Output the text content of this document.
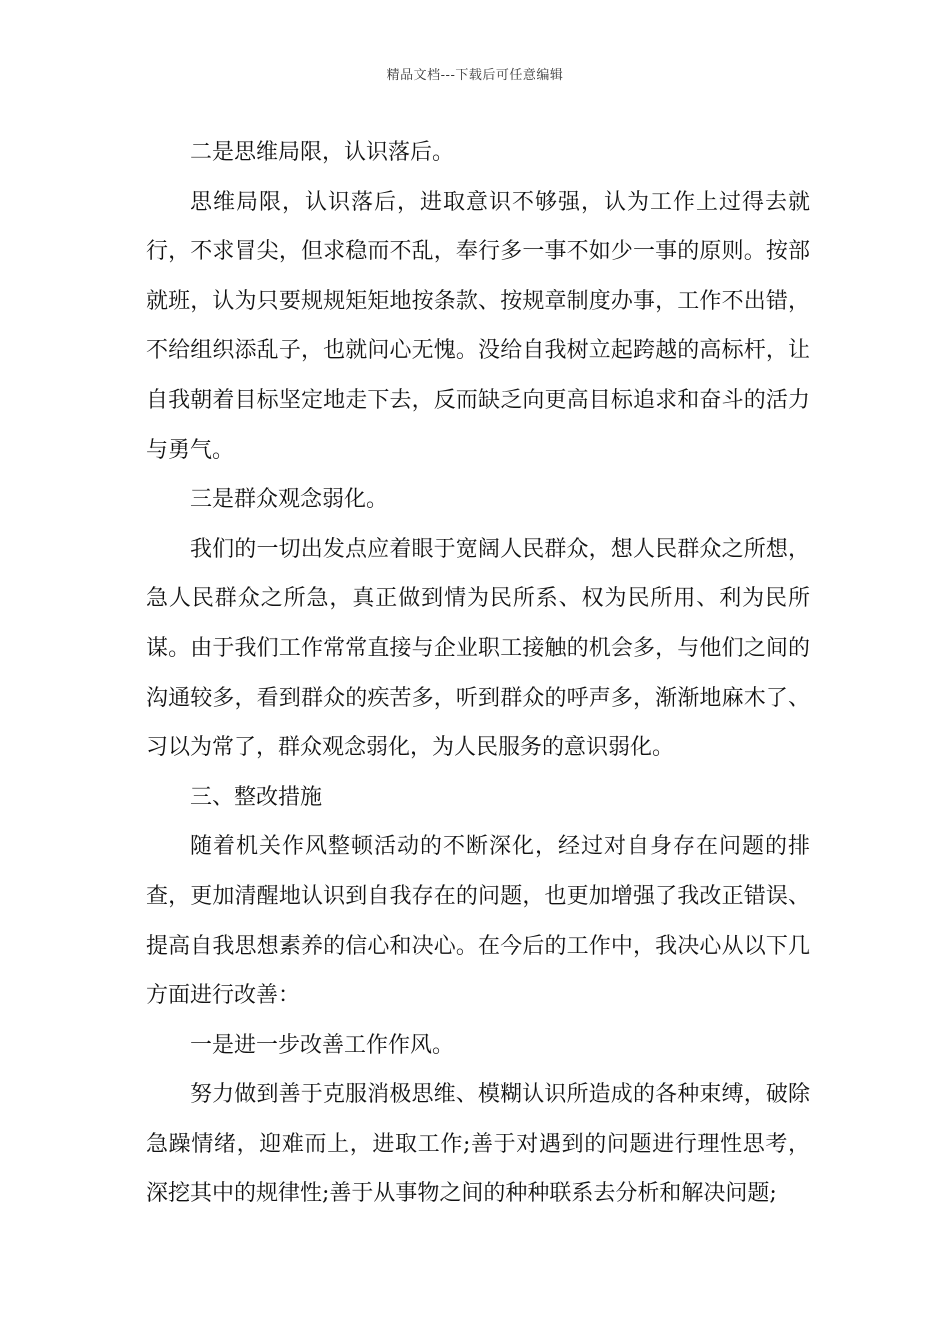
精品文档---下载后可任意编辑

二是思维局限，认识落后。

思维局限，认识落后，进取意识不够强，认为工作上过得去就行，不求冒尖，但求稳而不乱，奉行多一事不如少一事的原则。按部就班，认为只要规规矩矩地按条款、按规章制度办事，工作不出错，不给组织添乱子，也就问心无愧。没给自我树立起跨越的高标杆，让自我朝着目标坚定地走下去，反而缺乏向更高目标追求和奋斗的活力与勇气。

三是群众观念弱化。

我们的一切出发点应着眼于宽阔人民群众，想人民群众之所想，急人民群众之所急，真正做到情为民所系、权为民所用、利为民所谋。由于我们工作常常直接与企业职工接触的机会多，与他们之间的沟通较多，看到群众的疾苦多，听到群众的呼声多，渐渐地麻木了、习以为常了，群众观念弱化，为人民服务的意识弱化。

三、整改措施

随着机关作风整顿活动的不断深化，经过对自身存在问题的排查，更加清醒地认识到自我存在的问题，也更加增强了我改正错误、提高自我思想素养的信心和决心。在今后的工作中，我决心从以下几方面进行改善：

一是进一步改善工作作风。

努力做到善于克服消极思维、模糊认识所造成的各种束缚，破除急躁情绪，迎难而上，进取工作;善于对遇到的问题进行理性思考，深挖其中的规律性;善于从事物之间的种种联系去分析和解决问题;
